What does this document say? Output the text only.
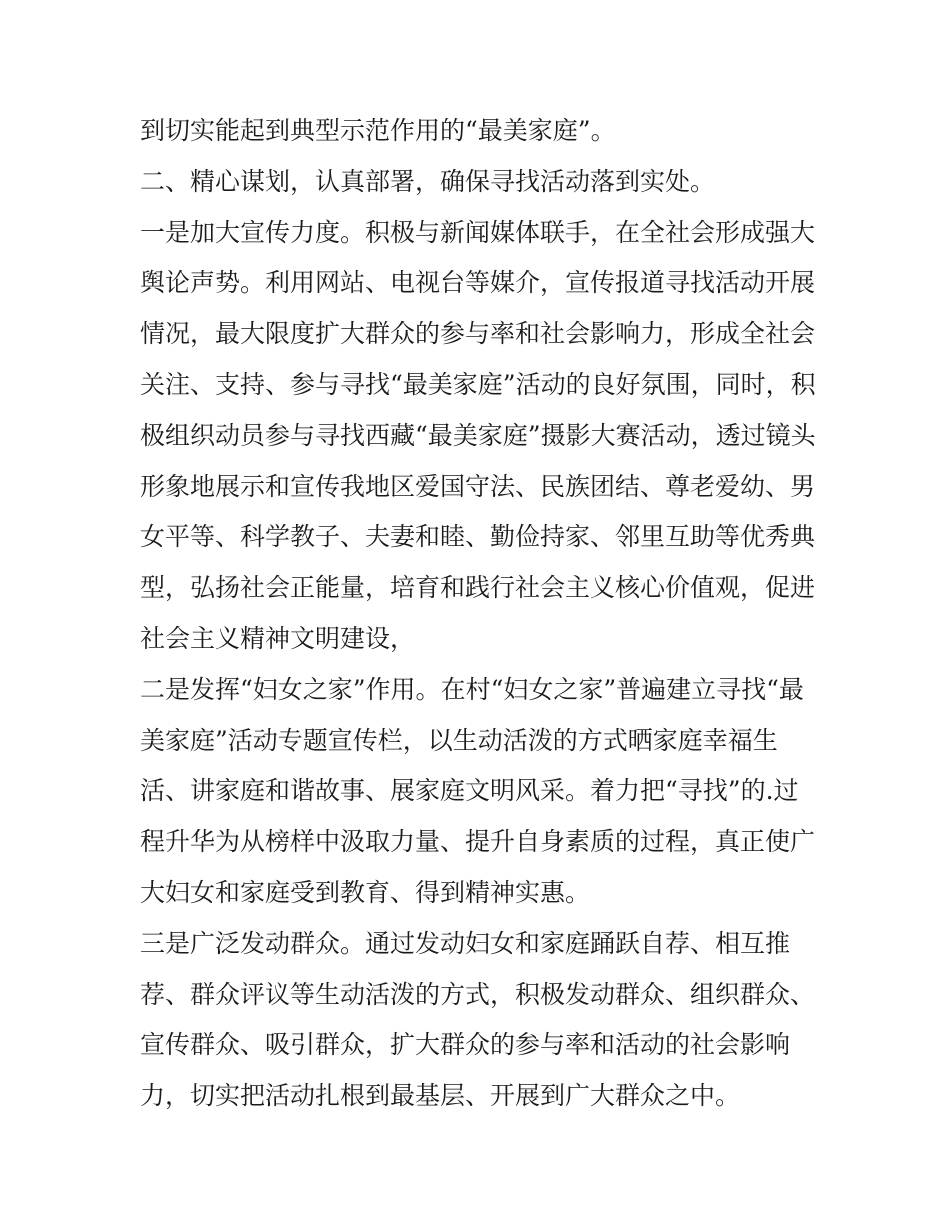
到切实能起到典型示范作用的“最美家庭”。
二、精心谋划，认真部署，确保寻找活动落到实处。
一是加大宣传力度。积极与新闻媒体联手，在全社会形成强大
舆论声势。利用网站、电视台等媒介，宣传报道寻找活动开展
情况，最大限度扩大群众的参与率和社会影响力，形成全社会
关注、支持、参与寻找“最美家庭”活动的良好氛围，同时，积
极组织动员参与寻找西藏“最美家庭”摄影大赛活动，透过镜头
形象地展示和宣传我地区爱国守法、民族团结、尊老爱幼、男
女平等、科学教子、夫妻和睦、勤俭持家、邻里互助等优秀典
型，弘扬社会正能量，培育和践行社会主义核心价值观，促进
社会主义精神文明建设，
二是发挥“妇女之家”作用。在村“妇女之家”普遍建立寻找“最
美家庭”活动专题宣传栏，以生动活泼的方式晒家庭幸福生
活、讲家庭和谐故事、展家庭文明风采。着力把“寻找”的.过
程升华为从榜样中汲取力量、提升自身素质的过程，真正使广
大妇女和家庭受到教育、得到精神实惠。
三是广泛发动群众。通过发动妇女和家庭踊跃自荐、相互推
荐、群众评议等生动活泼的方式，积极发动群众、组织群众、
宣传群众、吸引群众，扩大群众的参与率和活动的社会影响
力，切实把活动扎根到最基层、开展到广大群众之中。
